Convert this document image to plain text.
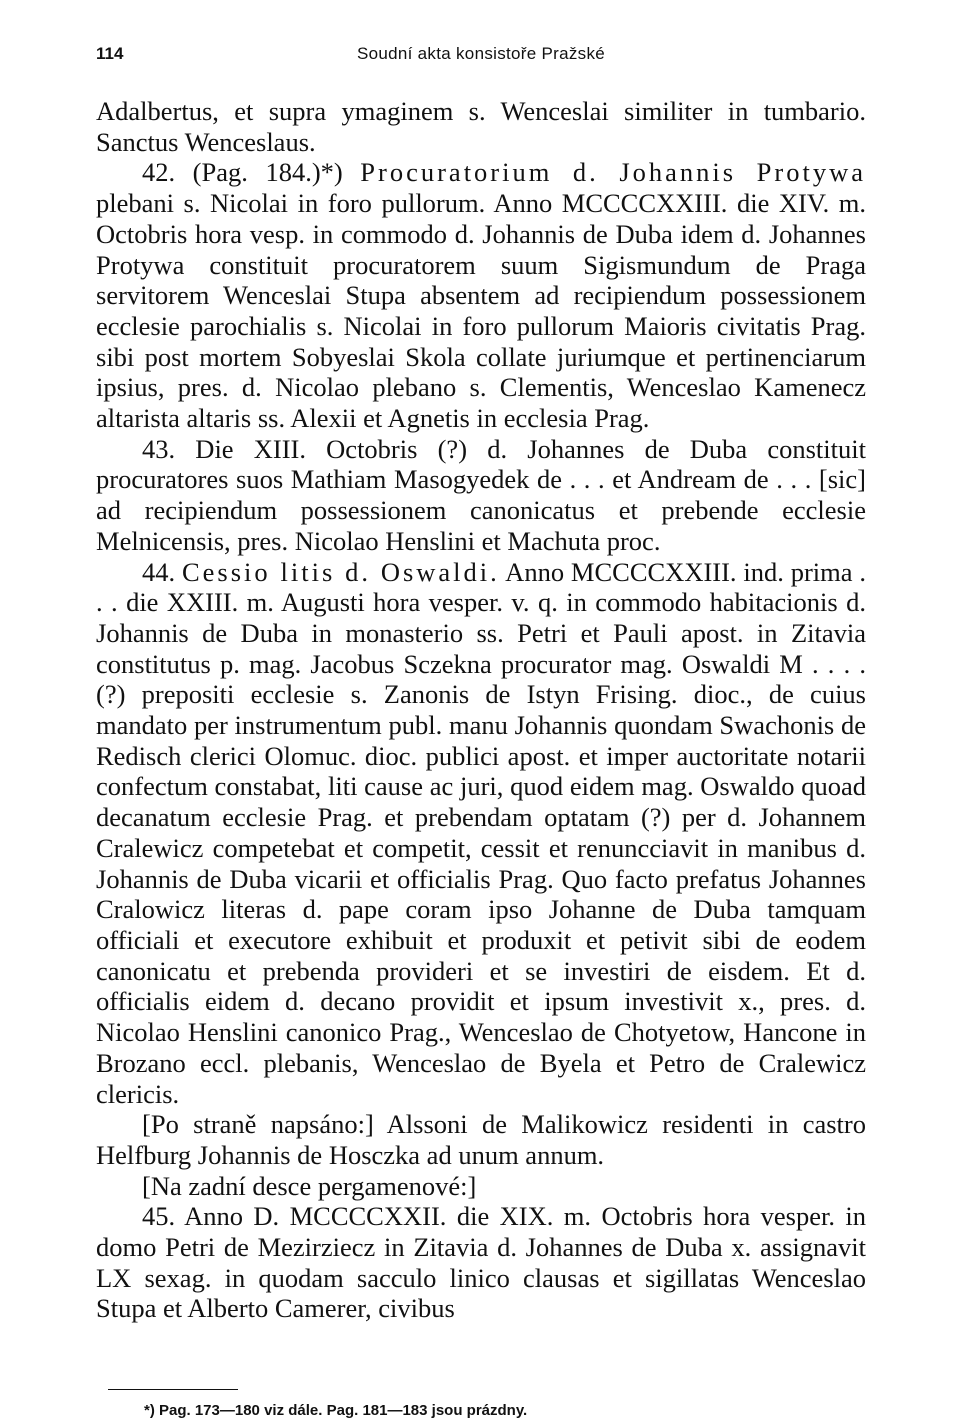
114	Soudní akta konsistoře Pražské

Adalbertus, et supra ymaginem s. Wenceslai similiter in tumbario. Sanctus Wenceslaus.

42. (Pag. 184.)*) Procuratorium d. Johannis Protywa plebani s. Nicolai in foro pullorum. Anno MCCCCXXIII. die XIV. m. Octobris hora vesp. in commodo d. Johannis de Duba idem d. Johannes Protywa constituit procuratorem suum Sigismundum de Praga servitorem Wenceslai Stupa absentem ad recipiendum possessionem ecclesie parochialis s. Nicolai in foro pullorum Maioris civitatis Prag. sibi post mortem Sobyeslai Skola collate juriumque et pertinenciarum ipsius, pres. d. Nicolao plebano s. Clementis, Wenceslao Kamenecz altarista altaris ss. Alexii et Agnetis in ecclesia Prag.

43. Die XIII. Octobris (?) d. Johannes de Duba constituit procuratores suos Mathiam Masogyedek de . . . et Andream de . . . [sic] ad recipiendum possessionem canonicatus et prebende ecclesie Melnicensis, pres. Nicolao Henslini et Machuta proc.

44. Cessio litis d. Oswaldi. Anno MCCCCXXIII. ind. prima . . . die XXIII. m. Augusti hora vesper. v. q. in commodo habitacionis d. Johannis de Duba in monasterio ss. Petri et Pauli apost. in Zitavia constitutus p. mag. Jacobus Sczekna procurator mag. Oswaldi M . . . . (?) prepositi ecclesie s. Zanonis de Istyn Frising. dioc., de cuius mandato per instrumentum publ. manu Johannis quondam Swachonis de Redisch clerici Olomuc. dioc. publici apost. et imper auctoritate notarii confectum constabat, liti cause ac juri, quod eidem mag. Oswaldo quoad decanatum ecclesie Prag. et prebendam optatam (?) per d. Johannem Cralewicz competebat et competit, cessit et renuncciavit in manibus d. Johannis de Duba vicarii et officialis Prag. Quo facto prefatus Johannes Cralowicz literas d. pape coram ipso Johanne de Duba tamquam officiali et executore exhibuit et produxit et petivit sibi de eodem canonicatu et prebenda provideri et se investiri de eisdem. Et d. officialis eidem d. decano providit et ipsum investivit x., pres. d. Nicolao Henslini canonico Prag., Wenceslao de Chotyetow, Hancone in Brozano eccl. plebanis, Wenceslao de Byela et Petro de Cralewicz clericis.

[Po straně napsáno:] Alssoni de Malikowicz residenti in castro Helfburg Johannis de Hosczka ad unum annum.

[Na zadní desce pergamenové:]

45. Anno D. MCCCCXXII. die XIX. m. Octobris hora vesper. in domo Petri de Mezirziecz in Zitavia d. Johannes de Duba x. assignavit LX sexag. in quodam sacculo linico clausas et sigillatas Wenceslao Stupa et Alberto Camerer, civibus

*) Pag. 173—180 viz dále. Pag. 181—183 jsou prázdny.
